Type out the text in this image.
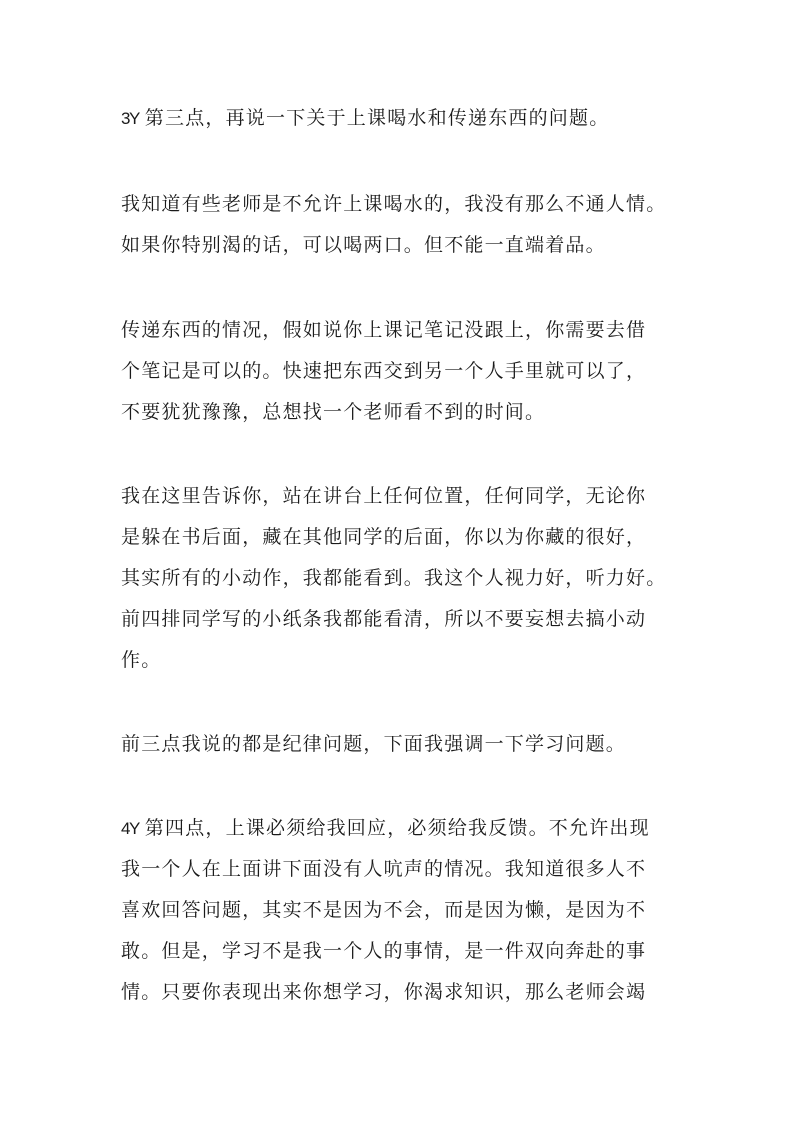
3Y 第三点，再说一下关于上课喝水和传递东西的问题。
我知道有些老师是不允许上课喝水的，我没有那么不通人情。
如果你特别渴的话，可以喝两口。但不能一直端着品。
传递东西的情况，假如说你上课记笔记没跟上，你需要去借
个笔记是可以的。快速把东西交到另一个人手里就可以了，
不要犹犹豫豫，总想找一个老师看不到的时间。
我在这里告诉你，站在讲台上任何位置，任何同学，无论你
是躲在书后面，藏在其他同学的后面，你以为你藏的很好，
其实所有的小动作，我都能看到。我这个人视力好，听力好。
前四排同学写的小纸条我都能看清，所以不要妄想去搞小动
作。
前三点我说的都是纪律问题，下面我强调一下学习问题。
4Y 第四点，上课必须给我回应，必须给我反馈。不允许出现
我一个人在上面讲下面没有人吭声的情况。我知道很多人不
喜欢回答问题，其实不是因为不会，而是因为懒，是因为不
敢。但是，学习不是我一个人的事情，是一件双向奔赴的事
情。只要你表现出来你想学习，你渴求知识，那么老师会竭
